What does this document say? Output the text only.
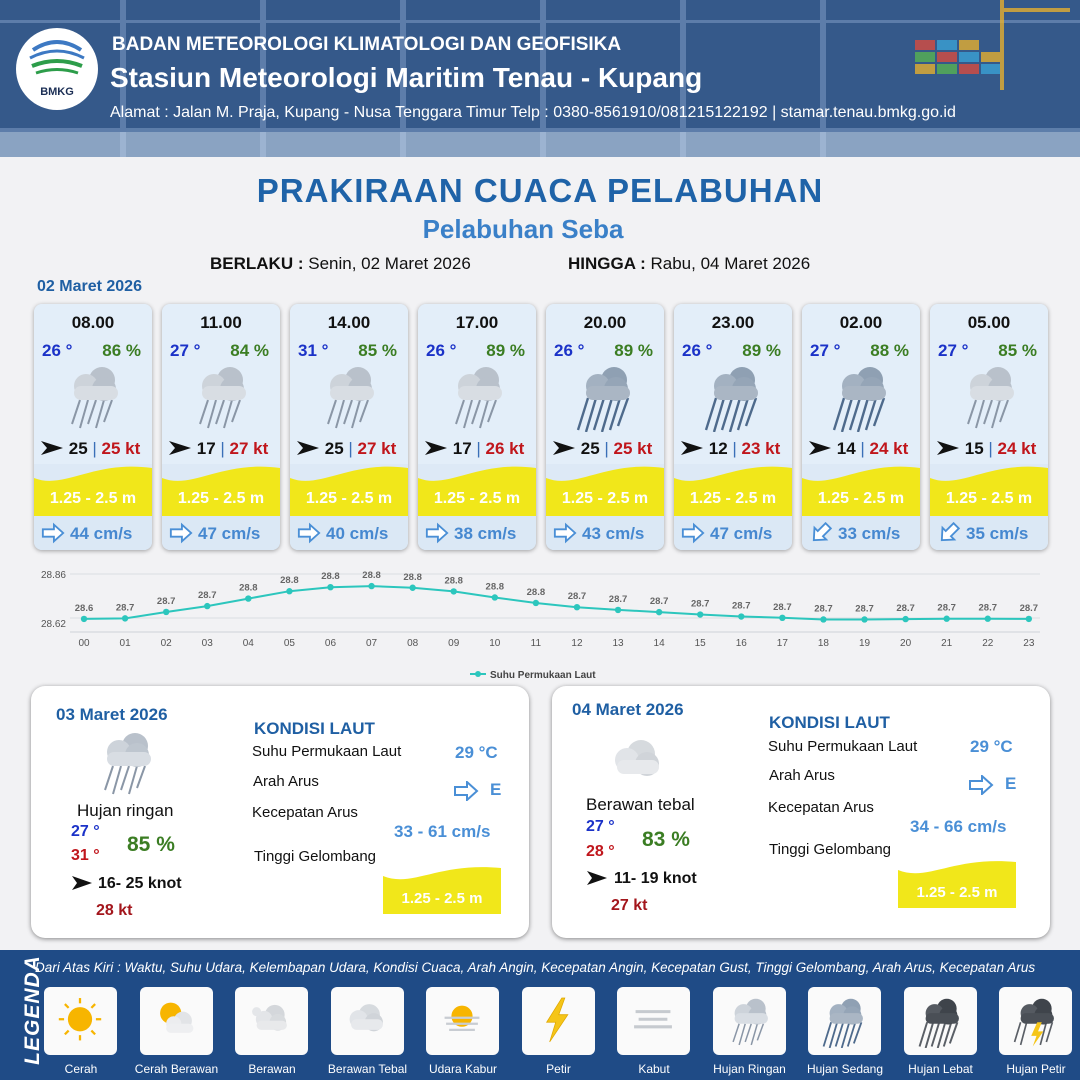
BMKG
BADAN METEOROLOGI KLIMATOLOGI DAN GEOFISIKA
Stasiun Meteorologi Maritim Tenau - Kupang
Alamat : Jalan M. Praja, Kupang - Nusa Tenggara Timur Telp : 0380-8561910/081215122192 | stamar.tenau.bmkg.go.id
PRAKIRAAN CUACA PELABUHAN
Pelabuhan Seba
BERLAKU : Senin, 02 Maret 2026	HINGGA : Rabu, 04 Maret 2026
02 Maret 2026
08.00
26 ° 86 %
25 | 25 kt
1.25 - 2.5 m
44 cm/s
11.00
27 ° 84 %
17 | 27 kt
1.25 - 2.5 m
47 cm/s
14.00
31 ° 85 %
25 | 27 kt
1.25 - 2.5 m
40 cm/s
17.00
26 ° 89 %
17 | 26 kt
1.25 - 2.5 m
38 cm/s
20.00
26 ° 89 %
25 | 25 kt
1.25 - 2.5 m
43 cm/s
23.00
26 ° 89 %
12 | 23 kt
1.25 - 2.5 m
47 cm/s
02.00
27 ° 88 %
14 | 24 kt
1.25 - 2.5 m
33 cm/s
05.00
27 ° 85 %
15 | 24 kt
1.25 - 2.5 m
35 cm/s
28.86
28.62
28.6
00
28.7
01
28.7
02
28.7
03
28.8
04
28.8
05
28.8
06
28.8
07
28.8
08
28.8
09
28.8
10
28.8
11
28.7
12
28.7
13
28.7
14
28.7
15
28.7
16
28.7
17
28.7
18
28.7
19
28.7
20
28.7
21
28.7
22
28.7
23
Suhu Permukaan Laut
03 Maret 2026
Hujan ringan
27 °
31 ° 85 %
16- 25 knot
28 kt
KONDISI LAUT
Suhu Permukaan Laut	29 °C
Arah Arus	E
Kecepatan Arus
33 - 61 cm/s
Tinggi Gelombang
1.25 - 2.5 m
04 Maret 2026
Berawan tebal
27 °
28 °
83 %
11- 19 knot
27 kt
KONDISI LAUT
Suhu Permukaan Laut	29 °C
Arah Arus	E
Kecepatan Arus
34 - 66 cm/s
Tinggi Gelombang
1.25 - 2.5 m
LEGENDA
Dari Atas Kiri : Waktu, Suhu Udara, Kelembapan Udara, Kondisi Cuaca, Arah Angin, Kecepatan Angin, Kecepatan Gust, Tinggi Gelombang, Arah Arus, Kecepatan Arus
Cerah	Cerah Berawan	Berawan	Berawan Tebal	Udara Kabur	Petir	Kabut	Hujan Ringan	Hujan Sedang	Hujan Lebat	Hujan Petir
